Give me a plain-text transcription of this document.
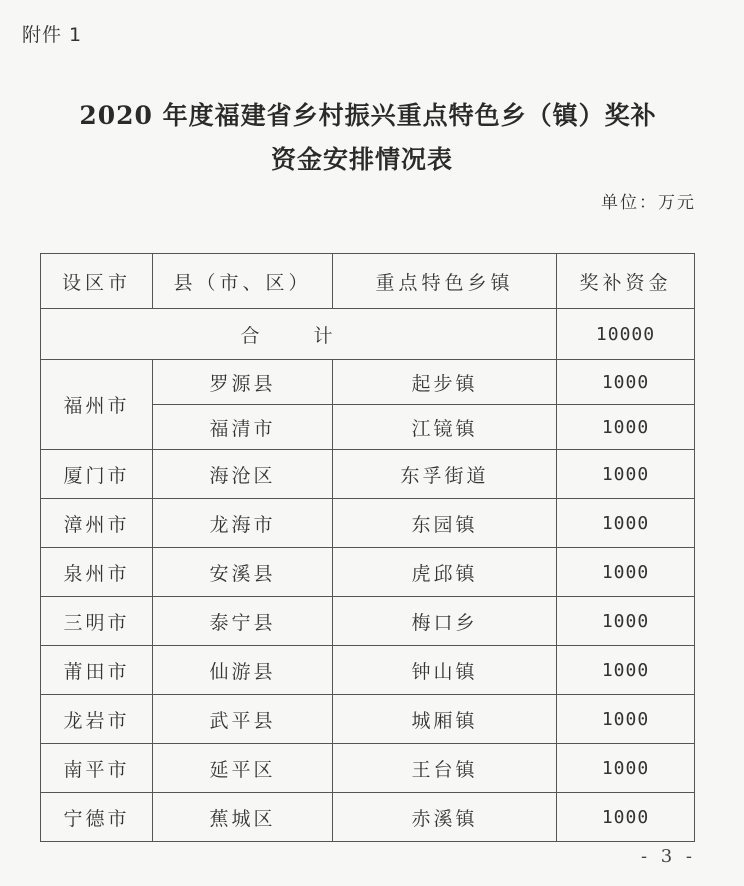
附件 1
2020 年度福建省乡村振兴重点特色乡（镇）奖补
资金安排情况表
单位：万元
设区市	县（市、区）	重点特色乡镇	奖补资金
合 计			10000
福州市	罗源县	起步镇	1000
	福清市	江镜镇	1000
厦门市	海沧区	东孚街道	1000
漳州市	龙海市	东园镇	1000
泉州市	安溪县	虎邱镇	1000
三明市	泰宁县	梅口乡	1000
莆田市	仙游县	钟山镇	1000
龙岩市	武平县	城厢镇	1000
南平市	延平区	王台镇	1000
宁德市	蕉城区	赤溪镇	1000
- 3 -
